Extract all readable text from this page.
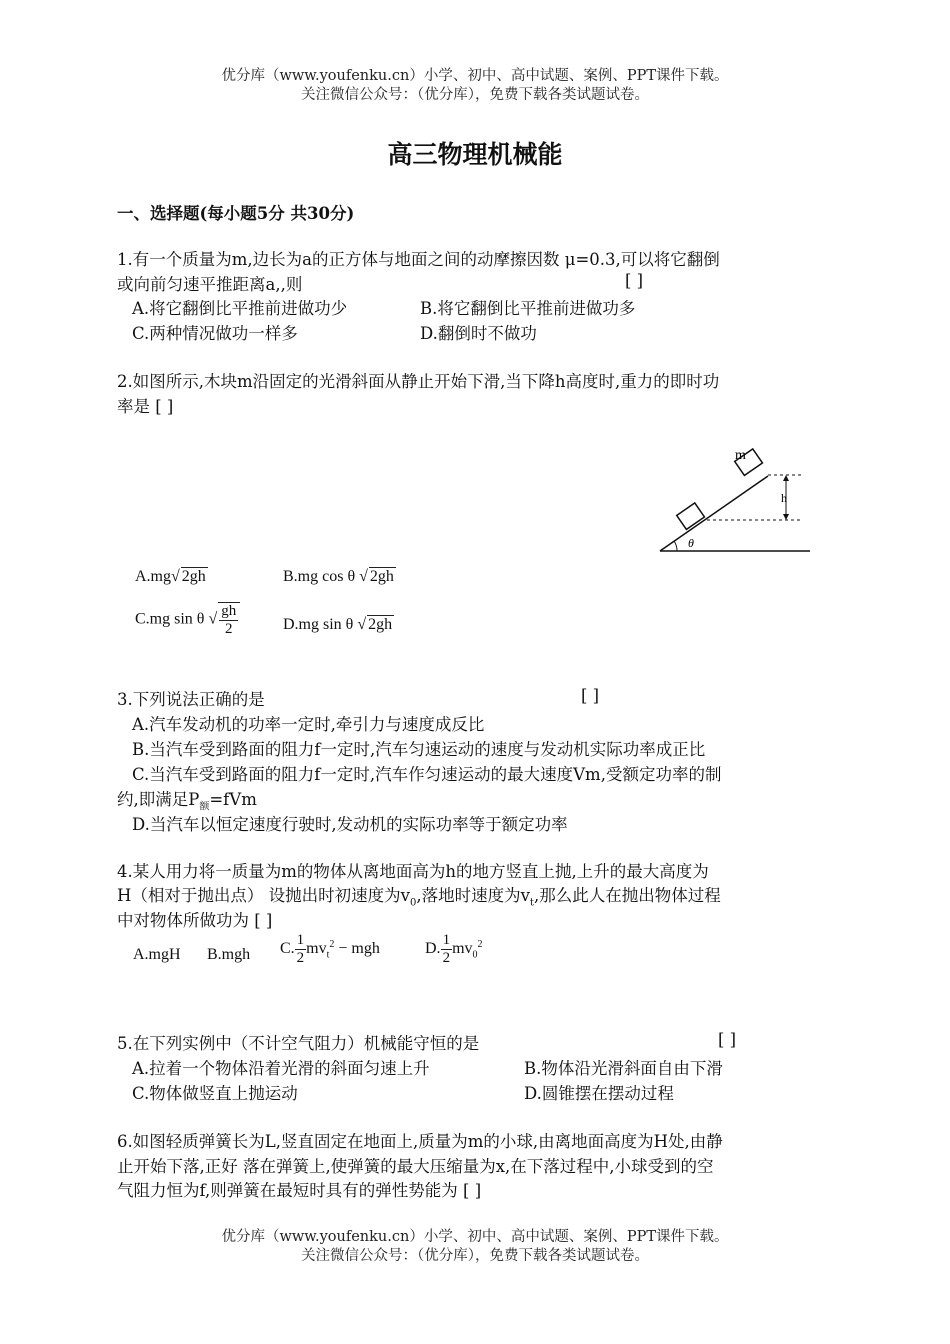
优分库（www.youfenku.cn）小学、初中、高中试题、案例、PPT课件下载。
关注微信公众号：（优分库），免费下载各类试题试卷。
高三物理机械能
一、选择题(每小题5分 共30分)
1.有一个质量为m,边长为a的正方体与地面之间的动摩擦因数 μ=0.3,可以将它翻倒
或向前匀速平推距离a,,则	[ ]
A.将它翻倒比平推前进做功少	B.将它翻倒比平推前进做功多
C.两种情况做功一样多	D.翻倒时不做功
2.如图所示,木块m沿固定的光滑斜面从静止开始下滑,当下降h高度时,重力的即时功
率是 [ ]
m
h
θ
A.mg√ 2gh	B.mg cos θ √ 2gh
C.mg sin θ √ $\frac{gh}{2}$	D.mg sin θ √ 2gh
3.下列说法正确的是	[ ]
A.汽车发动机的功率一定时,牵引力与速度成反比
B.当汽车受到路面的阻力f一定时,汽车匀速运动的速度与发动机实际功率成正比
C.当汽车受到路面的阻力f一定时,汽车作匀速运动的最大速度Vm,受额定功率的制
约,即满足$P_额=fVm$
D.当汽车以恒定速度行驶时,发动机的实际功率等于额定功率
4.某人用力将一质量为m的物体从离地面高为h的地方竖直上抛,上升的最大高度为
H（相对于抛出点） 设抛出时初速度为$v_0$,落地时速度为$v_t$,那么此人在抛出物体过程
中对物体所做功为 [ ]
A.mgH B.mgh C. $\frac{1}{2} mv_t^2$ − mgh	D. $\frac{1}{2} mv_0^2$
5.在下列实例中（不计空气阻力）机械能守恒的是	[ ]
A.拉着一个物体沿着光滑的斜面匀速上升	B.物体沿光滑斜面自由下滑
C.物体做竖直上抛运动	D.圆锥摆在摆动过程
6.如图轻质弹簧长为L,竖直固定在地面上,质量为m的小球,由离地面高度为H处,由静
止开始下落,正好 落在弹簧上,使弹簧的最大压缩量为x,在下落过程中,小球受到的空
气阻力恒为f,则弹簧在最短时具有的弹性势能为 [ ]
优分库（www.youfenku.cn）小学、初中、高中试题、案例、PPT课件下载。
关注微信公众号：（优分库），免费下载各类试题试卷。
